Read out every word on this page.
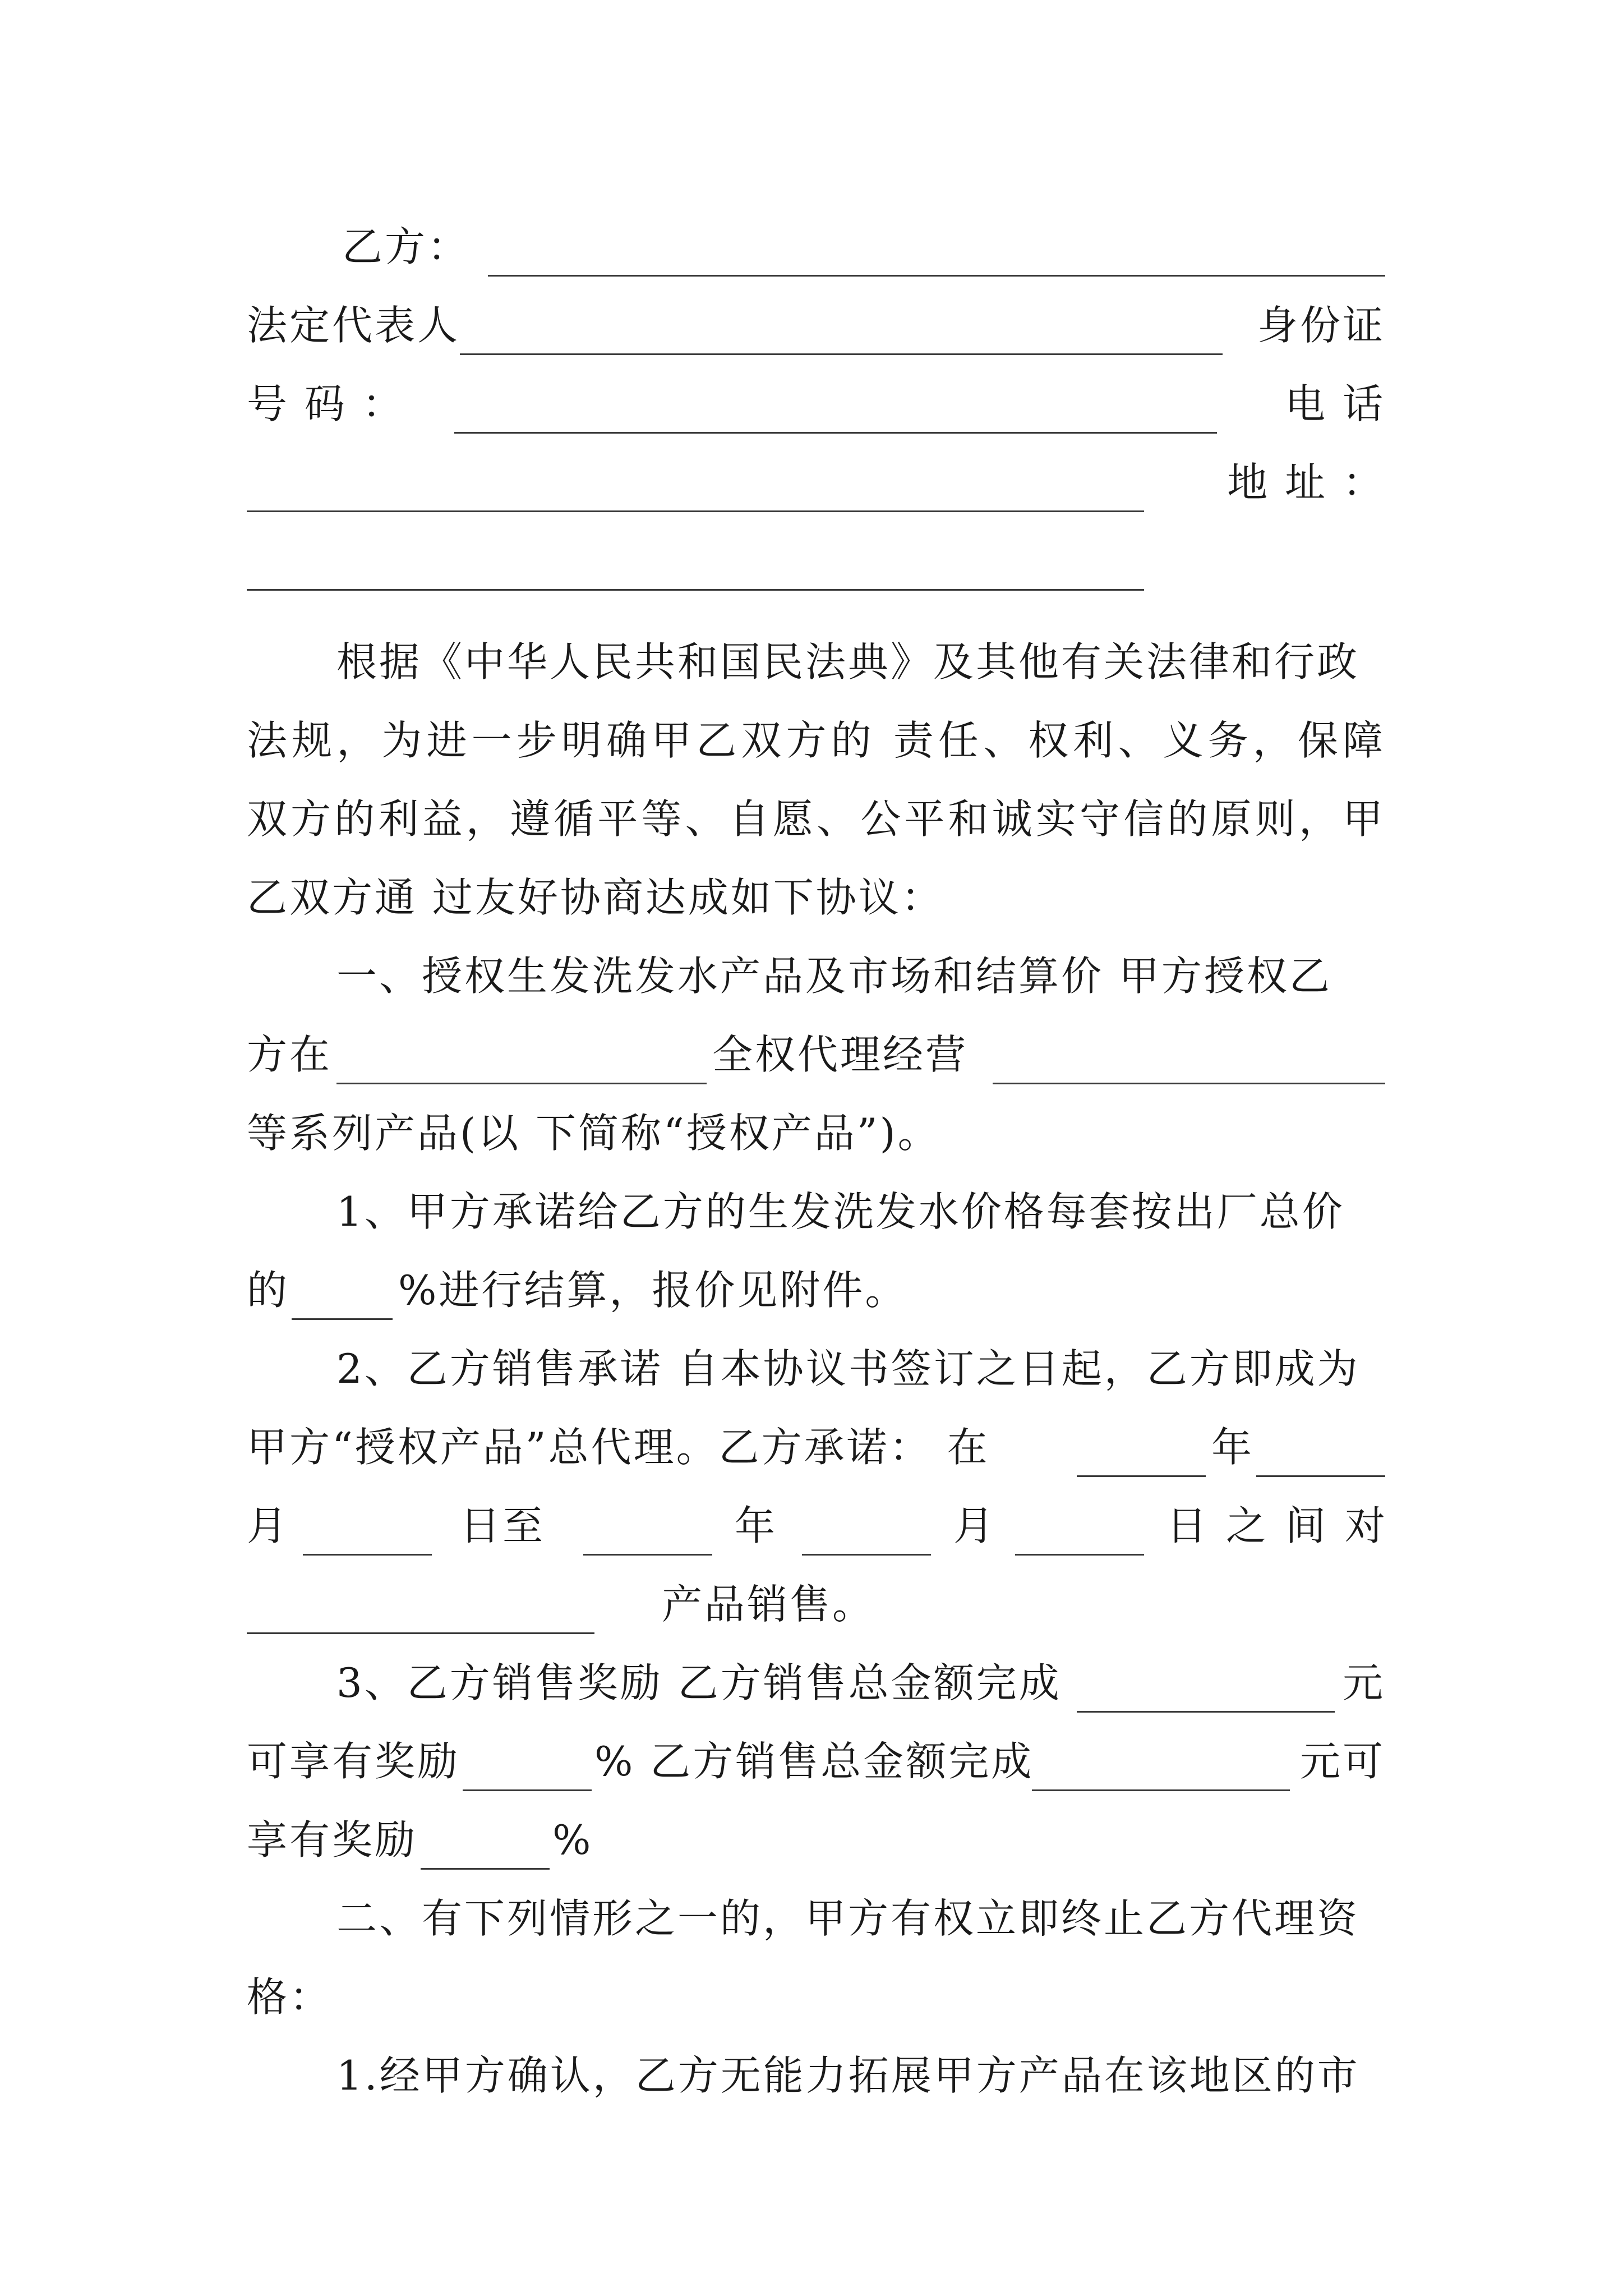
乙方：
法定代表人	身份证
号 码 ：	电 话
地 址 ：
根据《中华人民共和国民法典》及其他有关法律和行政
法规，为进一步明确甲乙双方的 责任、权利、义务，保障
双方的利益，遵循平等、自愿、公平和诚实守信的原则，甲
乙双方通 过友好协商达成如下协议：
一、授权生发洗发水产品及市场和结算价 甲方授权乙
方在	全权代理经营
等系列产品(以 下简称“授权产品”)。
1、甲方承诺给乙方的生发洗发水价格每套按出厂总价
的	%进行结算，报价见附件。
2、乙方销售承诺 自本协议书签订之日起，乙方即成为
甲方“授权产品”总代理。乙方承诺： 在	年
月	日至	年	月	日之间对
产品销售。
3、乙方销售奖励 乙方销售总金额完成	元
可享有奖励	% 乙方销售总金额完成	元可
享有奖励	%
二、有下列情形之一的，甲方有权立即终止乙方代理资
格：
1.经甲方确认，乙方无能力拓展甲方产品在该地区的市
